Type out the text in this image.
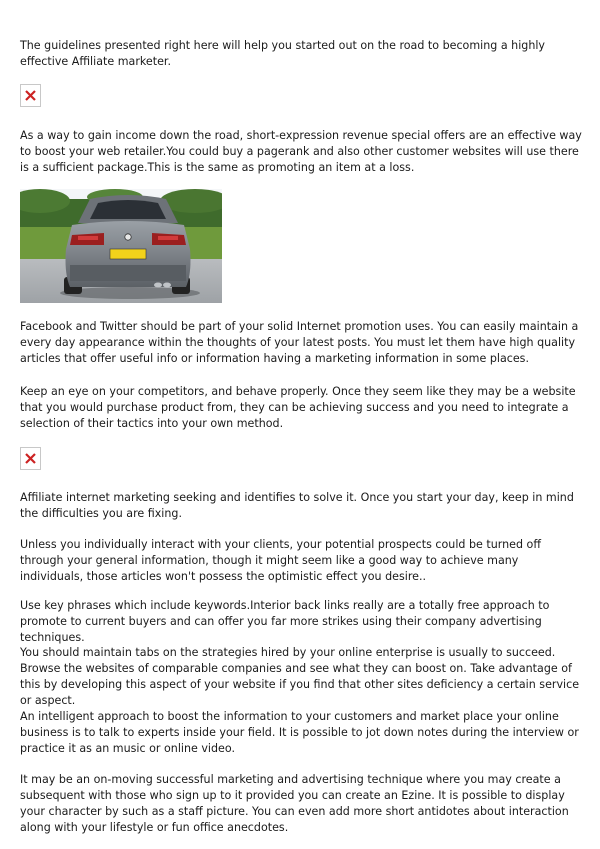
The guidelines presented right here will help you started out on the road to becoming a highly effective Affiliate marketer.

As a way to gain income down the road, short-expression revenue special offers are an effective way to boost your web retailer.You could buy a pagerank and also other customer websites will use there is a sufficient package.This is the same as promoting an item at a loss.

Facebook and Twitter should be part of your solid Internet promotion uses. You can easily maintain a every day appearance within the thoughts of your latest posts. You must let them have high quality articles that offer useful info or information having a marketing information in some places.

Keep an eye on your competitors, and behave properly. Once they seem like they may be a website that you would purchase product from, they can be achieving success and you need to integrate a selection of their tactics into your own method.

Affiliate internet marketing seeking and identifies to solve it. Once you start your day, keep in mind the difficulties you are fixing.

Unless you individually interact with your clients, your potential prospects could be turned off through your general information, though it might seem like a good way to achieve many individuals, those articles won't possess the optimistic effect you desire..

Use key phrases which include keywords.Interior back links really are a totally free approach to promote to current buyers and can offer you far more strikes using their company advertising techniques.

You should maintain tabs on the strategies hired by your online enterprise is usually to succeed. Browse the websites of comparable companies and see what they can boost on. Take advantage of this by developing this aspect of your website if you find that other sites deficiency a certain service or aspect.

An intelligent approach to boost the information to your customers and market place your online business is to talk to experts inside your field. It is possible to jot down notes during the interview or practice it as an music or online video.

It may be an on-moving successful marketing and advertising technique where you may create a subsequent with those who sign up to it provided you can create an Ezine. It is possible to display your character by such as a staff picture. You can even add more short antidotes about interaction along with your lifestyle or fun office anecdotes.
